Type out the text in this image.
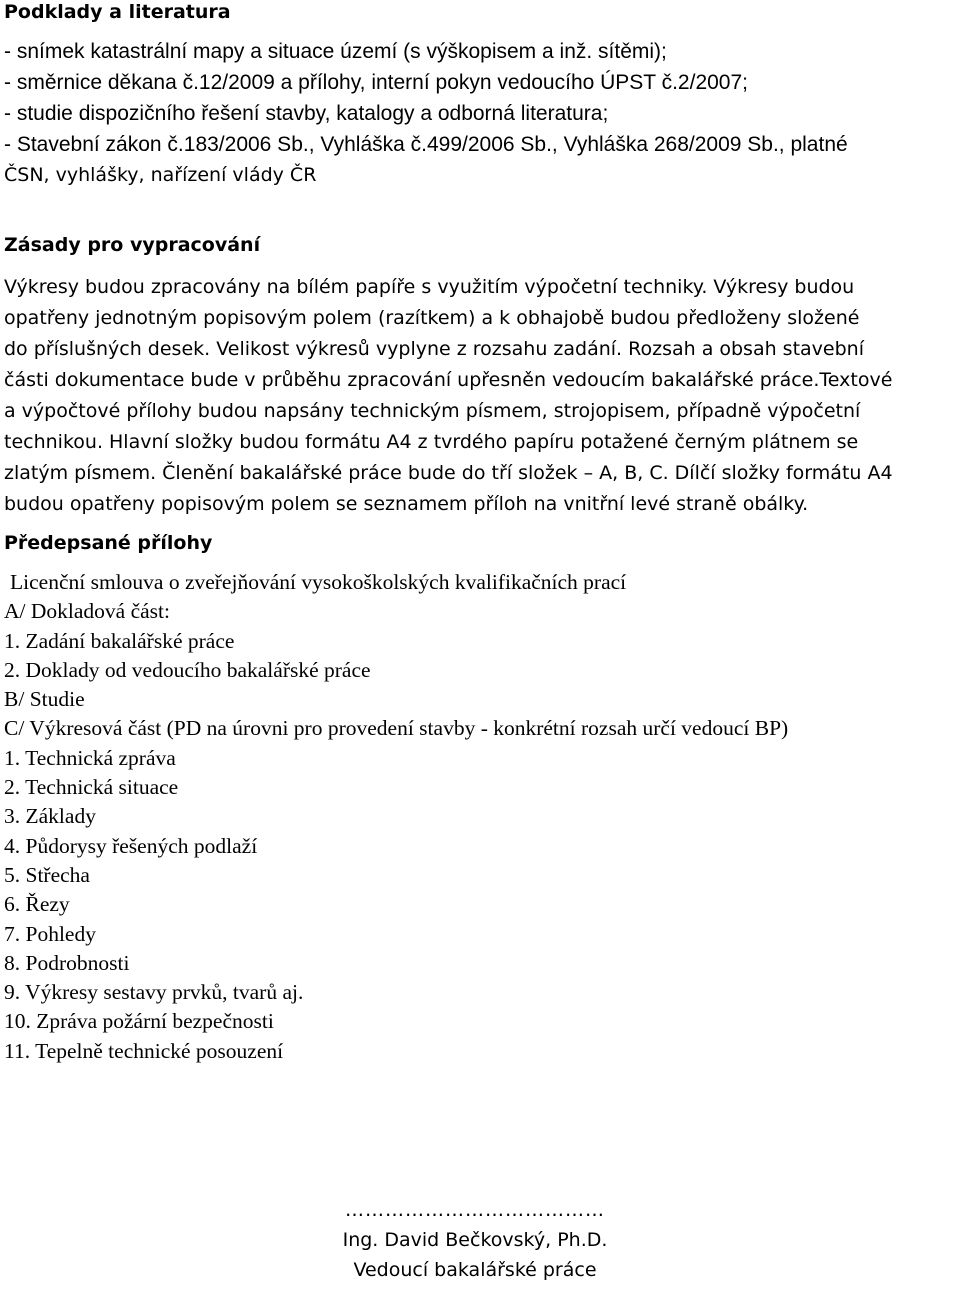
Podklady a literatura
- snímek katastrální mapy a situace území (s výškopisem a inž. sítěmi);
- směrnice děkana č.12/2009 a přílohy, interní pokyn vedoucího ÚPST č.2/2007;
- studie dispozičního řešení stavby, katalogy a odborná literatura;
- Stavební zákon č.183/2006 Sb., Vyhláška č.499/2006 Sb., Vyhláška 268/2009 Sb., platné
ČSN, vyhlášky, nařízení vlády ČR
Zásady pro vypracování
Výkresy budou zpracovány na bílém papíře s využitím výpočetní techniky. Výkresy budou
opatřeny jednotným popisovým polem (razítkem) a k obhajobě budou předloženy složené
do příslušných desek. Velikost výkresů vyplyne z rozsahu zadání. Rozsah a obsah stavební
části dokumentace bude v průběhu zpracování upřesněn vedoucím bakalářské práce.Textové
a výpočtové přílohy budou napsány technickým písmem, strojopisem, případně výpočetní
technikou. Hlavní složky budou formátu A4 z tvrdého papíru potažené černým plátnem se
zlatým písmem. Členění bakalářské práce bude do tří složek – A, B, C. Dílčí složky formátu A4
budou opatřeny popisovým polem se seznamem příloh na vnitřní levé straně obálky.
Předepsané přílohy
Licenční smlouva o zveřejňování vysokoškolských kvalifikačních prací
A/ Dokladová část:
1. Zadání bakalářské práce
2. Doklady od vedoucího bakalářské práce
B/ Studie
C/ Výkresová část (PD na úrovni pro provedení stavby - konkrétní rozsah určí vedoucí BP)
1. Technická zpráva
2. Technická situace
3. Základy
4. Půdorysy řešených podlaží
5. Střecha
6. Řezy
7. Pohledy
8. Podrobnosti
9. Výkresy sestavy prvků, tvarů aj.
10. Zpráva požární bezpečnosti
11. Tepelně technické posouzení
…………………………………
Ing. David Bečkovský, Ph.D.
Vedoucí bakalářské práce
